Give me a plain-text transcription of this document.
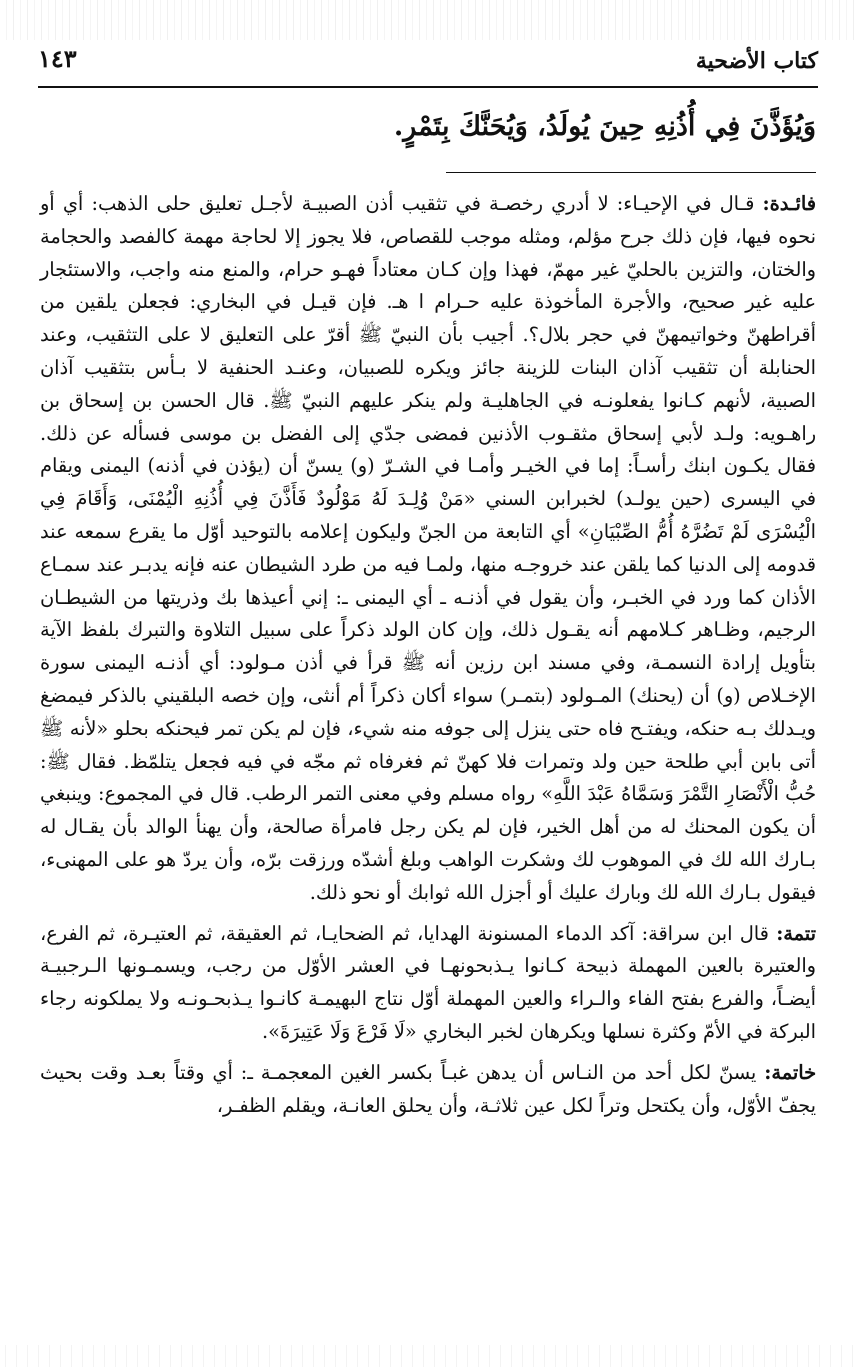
كتاب الأضحية
١٤٣
وَيُؤَذَّنَ فِي أُذُنِهِ حِينَ يُولَدُ، وَيُحَنَّكَ بِتَمْرٍ.

فائـدة: قـال في الإحيـاء: لا أدري رخصـة في تثقيب أذن الصبيـة لأجـل تعليق حلى الذهب: أي أو نحوه فيها، فإن ذلك جرح مؤلم، ومثله موجب للقصاص، فلا يجوز إلا لحاجة مهمة كالفصد والحجامة والختان، والتزين بالحليّ غير مهمّ، فهذا وإن كـان معتاداً فهـو حرام، والمنع منه واجب، والاستئجار عليه غير صحيح، والأجرة المأخوذة عليه حـرام ا هـ. فإن قيـل في البخاري: فجعلن يلقين من أقراطهنّ وخواتيمهنّ في حجر بلال؟. أجيب بأن النبيّ ﷺ أقرّ على التعليق لا على التثقيب، وعند الحنابلة أن تثقيب آذان البنات للزينة جائز ويكره للصبيان، وعنـد الحنفية لا بـأس بتثقيب آذان الصبية، لأنهم كـانوا يفعلونـه في الجاهليـة ولم ينكر عليهم النبيّ ﷺ. قال الحسن بن إسحاق بن راهـويه: ولـد لأبي إسحاق مثقـوب الأذنين فمضى جدّي إلى الفضل بن موسى فسأله عن ذلك. فقال يكـون ابنك رأسـاً: إما في الخيـر وأمـا في الشـرّ (و) يسنّ أن (يؤذن في أذنه) اليمنى ويقام في اليسرى (حين يولـد) لخبرابن السني «مَنْ وُلِـدَ لَهُ مَوْلُودٌ فَأَذَّنَ فِي أُذُنِهِ الْيُمْنَى، وَأَقَامَ فِي الْيُسْرَى لَمْ تَضُرَّهُ أُمُّ الصِّبْيَانِ» أي التابعة من الجنّ وليكون إعلامه بالتوحيد أوّل ما يقرع سمعه عند قدومه إلى الدنيا كما يلقن عند خروجـه منها، ولمـا فيه من طرد الشيطان عنه فإنه يدبـر عند سمـاع الأذان كما ورد في الخبـر، وأن يقول في أذنـه ـ أي اليمنى ـ: إني أعيذها بك وذريتها من الشيطـان الرجيم، وظـاهر كـلامهم أنه يقـول ذلك، وإن كان الولد ذكراً على سبيل التلاوة والتبرك بلفظ الآية بتأويل إرادة النسمـة، وفي مسند ابن رزين أنه ﷺ قرأ في أذن مـولود: أي أذنـه اليمنى سورة الإخـلاص (و) أن (يحنك) المـولود (بتمـر) سواء أكان ذكراً أم أنثى، وإن خصه البلقيني بالذكر فيمضغ ويـدلك بـه حنكه، ويفتـح فاه حتى ينزل إلى جوفه منه شيء، فإن لم يكن تمر فيحنكه بحلو «لأنه ﷺ أتى بابن أبي طلحة حين ولد وتمرات فلا كهنّ ثم فغرفاه ثم مجّه في فيه فجعل يتلمّظ. فقال ﷺ: حُبُّ الْأَنْصَارِ التَّمْرَ وَسَمَّاهُ عَبْدَ اللَّهِ» رواه مسلم وفي معنى التمر الرطب. قال في المجموع: وينبغي أن يكون المحنك له من أهل الخير، فإن لم يكن رجل فامرأة صالحة، وأن يهنأ الوالد بأن يقـال له بـارك الله لك في الموهوب لك وشكرت الواهب وبلغ أشدّه ورزقت برّه، وأن يردّ هو على المهنىء، فيقول بـارك الله لك وبارك عليك أو أجزل الله ثوابك أو نحو ذلك.

تتمة: قال ابن سراقة: آكد الدماء المسنونة الهدايا، ثم الضحايـا، ثم العقيقة، ثم العتيـرة، ثم الفرع، والعتيرة بالعين المهملة ذبيحة كـانوا يـذبحونهـا في العشر الأوّل من رجب، ويسمـونها الـرجبيـة أيضـاً، والفرع بفتح الفاء والـراء والعين المهملة أوّل نتاج البهيمـة كانـوا يـذبحـونـه ولا يملكونه رجاء البركة في الأمّ وكثرة نسلها ويكرهان لخبر البخاري «لَا فَرْعَ وَلَا عَتِيرَةَ».

خاتمة: يسنّ لكل أحد من النـاس أن يدهن غبـاً بكسر الغين المعجمـة ـ: أي وقتاً بعـد وقت بحيث يجفّ الأوّل، وأن يكتحل وتراً لكل عين ثلاثـة، وأن يحلق العانـة، ويقلم الظفـر،
